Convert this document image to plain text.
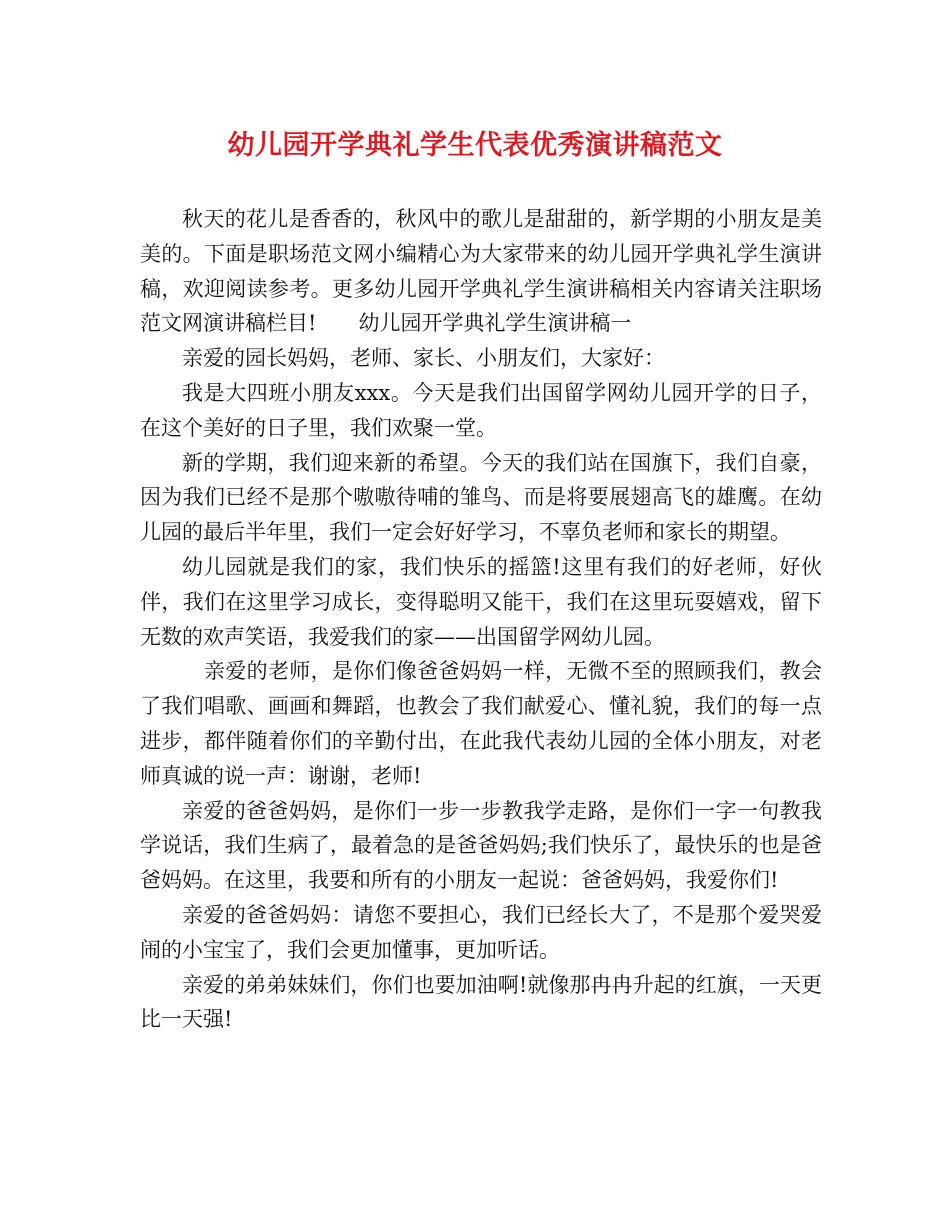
幼儿园开学典礼学生代表优秀演讲稿范文

秋天的花儿是香香的，秋风中的歌儿是甜甜的，新学期的小朋友是美美的。下面是职场范文网小编精心为大家带来的幼儿园开学典礼学生演讲稿，欢迎阅读参考。更多幼儿园开学典礼学生演讲稿相关内容请关注职场范文网演讲稿栏目!　　幼儿园开学典礼学生演讲稿一

亲爱的园长妈妈，老师、家长、小朋友们，大家好：

我是大四班小朋友xxx。今天是我们出国留学网幼儿园开学的日子，在这个美好的日子里，我们欢聚一堂。

新的学期，我们迎来新的希望。今天的我们站在国旗下，我们自豪，因为我们已经不是那个嗷嗷待哺的雏鸟、而是将要展翅高飞的雄鹰。在幼儿园的最后半年里，我们一定会好好学习，不辜负老师和家长的期望。

幼儿园就是我们的家，我们快乐的摇篮!这里有我们的好老师，好伙伴，我们在这里学习成长，变得聪明又能干，我们在这里玩耍嬉戏，留下无数的欢声笑语，我爱我们的家——出国留学网幼儿园。

亲爱的老师，是你们像爸爸妈妈一样，无微不至的照顾我们，教会了我们唱歌、画画和舞蹈，也教会了我们献爱心、懂礼貌，我们的每一点进步，都伴随着你们的辛勤付出，在此我代表幼儿园的全体小朋友，对老师真诚的说一声：谢谢，老师!

亲爱的爸爸妈妈，是你们一步一步教我学走路，是你们一字一句教我学说话，我们生病了，最着急的是爸爸妈妈;我们快乐了，最快乐的也是爸爸妈妈。在这里，我要和所有的小朋友一起说：爸爸妈妈，我爱你们!

亲爱的爸爸妈妈：请您不要担心，我们已经长大了，不是那个爱哭爱闹的小宝宝了，我们会更加懂事，更加听话。

亲爱的弟弟妹妹们，你们也要加油啊!就像那冉冉升起的红旗，一天更比一天强!
